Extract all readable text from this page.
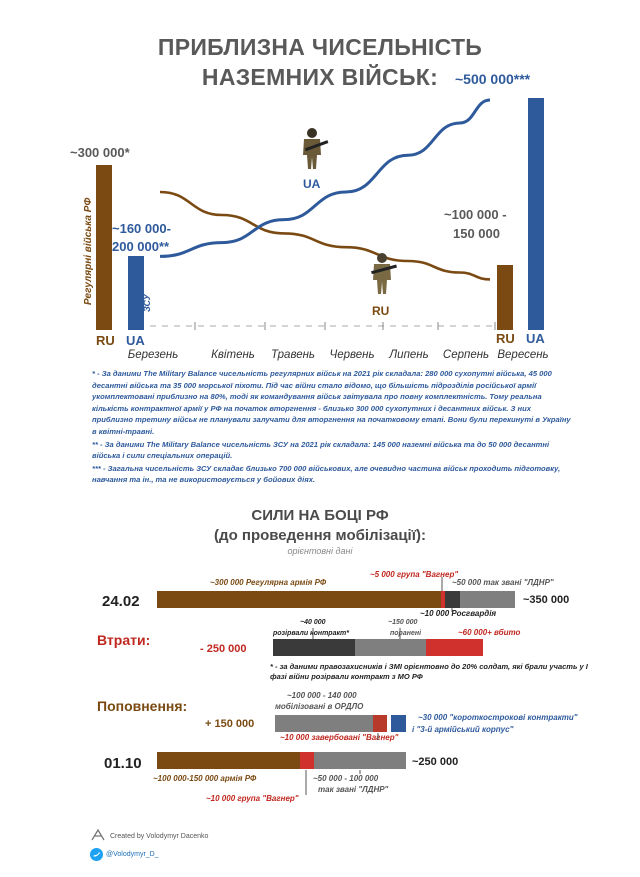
ПРИБЛИЗНА ЧИСЕЛЬНІСТЬ
НАЗЕМНИХ ВІЙСЬК:
Регулярні війська РФ	ЗСУ
~300 000*
~160 000-
200 000**
~100 000 -
150 000
~500 000***
RU UA	RU UA
Березень	Квітень Травень Червень Липень Серпень Вересень
UA
RU

* - За даними The Military Balance чисельність регулярних військ на 2021 рік складала: 280 000 сухопутні війська, 45 000 десантні війська та 35 000 морської піхоти. Під час війни стало відомо, що більшість підрозділів російської армії укомплектовані приблизно на 80%, тоді як командування військ звітувала про повну комплектність. Тому реальна кількість контрактної армії у РФ на початок вторгнення - близько 300 000 сухопутних і десантних військ. З них приблизно третину військ не планували залучати для вторгнення на початковому етапі. Вони були перекинуті в Україну в квітні-травні.

** - За даними The Military Balance чисельність ЗСУ на 2021 рік складала: 145 000 наземні війська та до 50 000 десантні війська і сили спеціальних операцій.

*** - Загальна чисельність ЗСУ складає близько 700 000 військових, але очевидно частина військ проходить підготовку, навчання та ін., та не використовується у бойових діях.

СИЛИ НА БОЦІ РФ
(до проведення мобілізації):
орієнтовні дані
24.02	~350 000
~300 000 Регулярна армія РФ
~5 000 група "Вагнер"
~50 000 так звані "ЛДНР"
~10 000 Росгвардія
Втрати:
- 250 000
~40 000
розірвали контракт*
~150 000
поранені	~60 000+ вбито
* - за даними правозахисників і ЗМІ орієнтовно до 20% солдат, які брали участь у І фазі війни розірвали контракт з МО РФ
Поповнення:
+ 150 000
~100 000 - 140 000
мобілізовані в ОРДЛО
~10 000 завербовані "Вагнер"
~30 000 "короткострокові контракти"
і "3-й армійський корпус"
01.10	~250 000
~100 000-150 000 армія РФ	~50 000 - 100 000
так звані "ЛДНР"
~10 000 група "Вагнер"
Created by Volodymyr Dacenko
@Volodymyr_D_
